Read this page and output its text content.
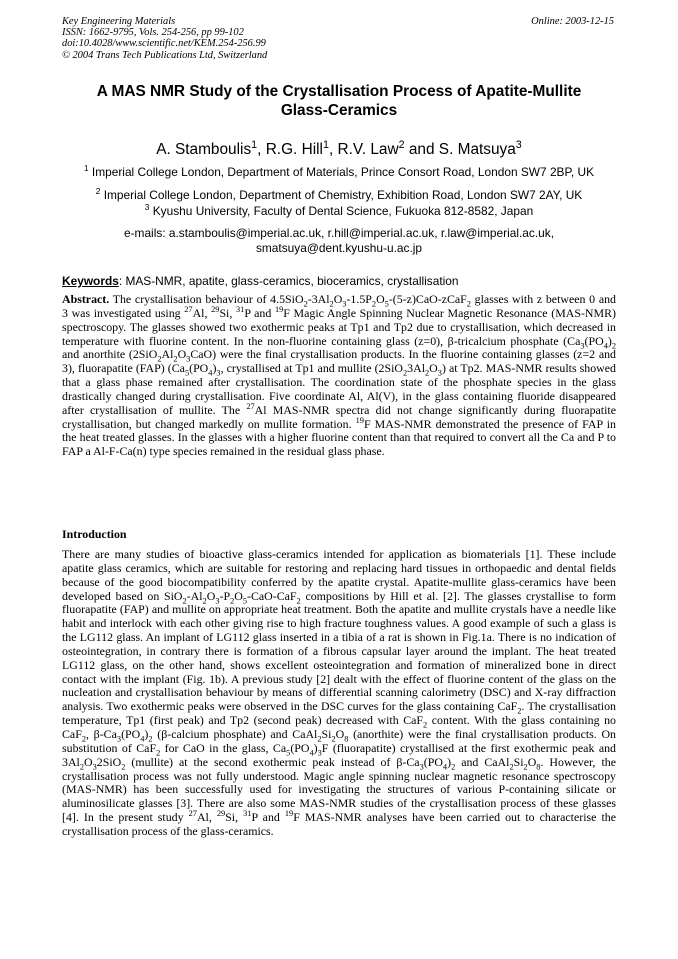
Key Engineering Materials
ISSN: 1662-9795, Vols. 254-256, pp 99-102
doi:10.4028/www.scientific.net/KEM.254-256.99
© 2004 Trans Tech Publications Ltd, Switzerland
Online: 2003-12-15
A MAS NMR Study of the Crystallisation Process of Apatite-Mullite
Glass-Ceramics
A. Stamboulis$^1$, R.G. Hill$^1$, R.V. Law$^2$ and S. Matsuya$^3$
$^1$ Imperial College London, Department of Materials, Prince Consort Road, London SW7 2BP, UK
$^2$ Imperial College London, Department of Chemistry, Exhibition Road, London SW7 2AY, UK
$^3$ Kyushu University, Faculty of Dental Science, Fukuoka 812-8582, Japan
e-mails: a.stamboulis@imperial.ac.uk, r.hill@imperial.ac.uk, r.law@imperial.ac.uk,
smatsuya@dent.kyushu-u.ac.jp
Keywords: MAS-NMR, apatite, glass-ceramics, bioceramics, crystallisation
Abstract. The crystallisation behaviour of $4.5SiO_2-3Al_2O_3-1.5P_2O_5-(5-z)CaO-zCaF_2$ glasses with z between 0 and 3 was investigated using $^{27}$Al, $^{29}$Si, $^{31}$P and $^{19}$F Magic Angle Spinning Nuclear Magnetic Resonance (MAS-NMR) spectroscopy. The glasses showed two exothermic peaks at Tp1 and Tp2 due to crystallisation, which decreased in temperature with fluorine content. In the non-fluorine containing glass (z=0), β-tricalcium phosphate ($Ca_3(PO_4)_2$ and anorthite $(2SiO_2Al_2O_3CaO)$ were the final crystallisation products. In the fluorine containing glasses (z=2 and 3), fluorapatite (FAP) ($Ca_5(PO_4)_3$, crystallised at Tp1 and mullite $(2SiO_23Al_2O_3)$ at Tp2. MAS-NMR results showed that a glass phase remained after crystallisation. The coordination state of the phosphate species in the glass drastically changed during crystallisation. Five coordinate Al, Al(V), in the glass containing fluoride disappeared after crystallisation of mullite. The $^{27}$Al MAS-NMR spectra did not change significantly during fluorapatite crystallisation, but changed markedly on mullite formation. $^{19}$F MAS-NMR demonstrated the presence of FAP in the heat treated glasses. In the glasses with a higher fluorine content than that required to convert all the Ca and P to FAP a Al-F-Ca(n) type species remained in the residual glass phase.
Introduction
There are many studies of bioactive glass-ceramics intended for application as biomaterials [1]. These include apatite glass ceramics, which are suitable for restoring and replacing hard tissues in orthopaedic and dental fields because of the good biocompatibility conferred by the apatite crystal. Apatite-mullite glass-ceramics have been developed based on $SiO_2-Al_2O_3-P_2O_5-CaO-CaF_2$ compositions by Hill et al. [2]. The glasses crystallise to form fluorapatite (FAP) and mullite on appropriate heat treatment. Both the apatite and mullite crystals have a needle like habit and interlock with each other giving rise to high fracture toughness values. A good example of such a glass is the LG112 glass. An implant of LG112 glass inserted in a tibia of a rat is shown in Fig.1a. There is no indication of osteointegration, in contrary there is formation of a fibrous capsular layer around the implant. The heat treated LG112 glass, on the other hand, shows excellent osteointegration and formation of mineralized bone in direct contact with the implant (Fig. 1b). A previous study [2] dealt with the effect of fluorine content of the glass on the nucleation and crystallisation behaviour by means of differential scanning calorimetry (DSC) and X-ray diffraction analysis. Two exothermic peaks were observed in the DSC curves for the glass containing CaF$_2$. The crystallisation temperature, Tp1 (first peak) and Tp2 (second peak) decreased with CaF$_2$ content. With the glass containing no CaF$_2$, $\beta-Ca_3(PO_4)_2$ (β-calcium phosphate) and $CaAl_2Si_2O_8$ (anorthite) were the final crystallisation products. On substitution of CaF$_2$ for CaO in the glass, $Ca_5(PO_4)_3F$ (fluorapatite) crystallised at the first exothermic peak and $3Al_2O_32SiO_2$ (mullite) at the second exothermic peak instead of $\beta-Ca_3(PO_4)_2$ and $CaAl_2Si_2O_8$. However, the crystallisation process was not fully understood. Magic angle spinning nuclear magnetic resonance spectroscopy (MAS-NMR) has been successfully used for investigating the structures of various P-containing silicate or aluminosilicate glasses [3]. There are also some MAS-NMR studies of the crystallisation process of these glasses [4]. In the present study $^{27}$Al, $^{29}$Si, $^{31}$P and $^{19}$F MAS-NMR analyses have been carried out to characterise the crystallisation process of the glass-ceramics.
